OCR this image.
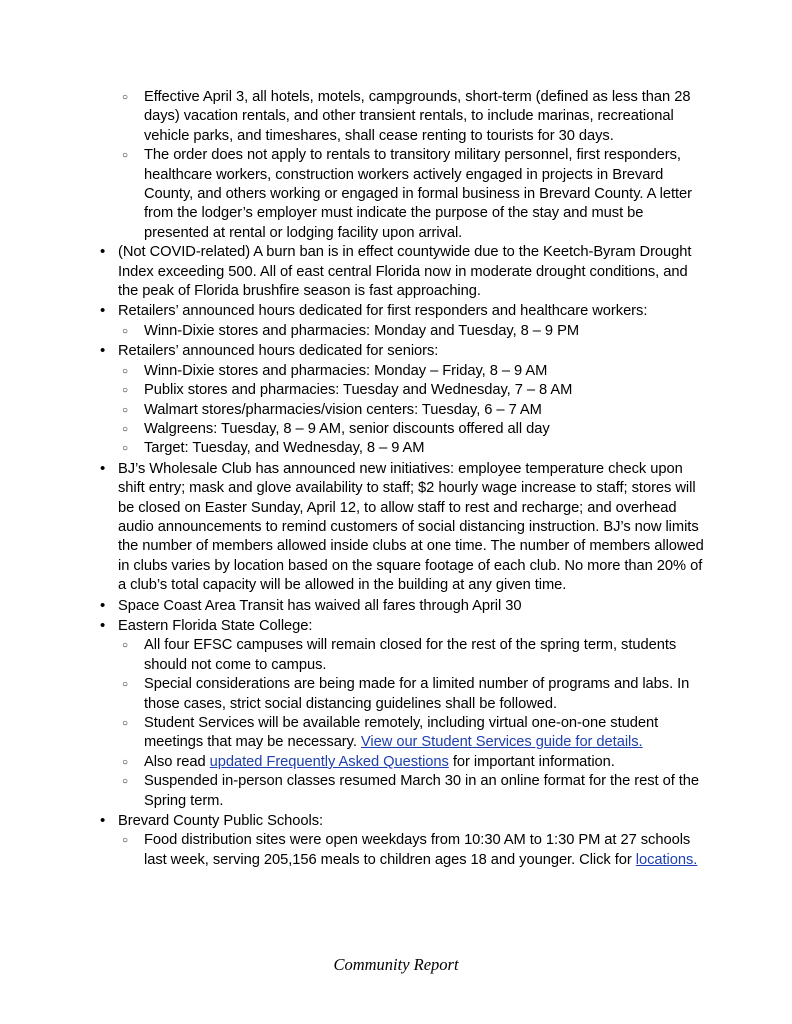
○ Effective April 3, all hotels, motels, campgrounds, short-term (defined as less than 28 days) vacation rentals, and other transient rentals, to include marinas, recreational vehicle parks, and timeshares, shall cease renting to tourists for 30 days.
○ The order does not apply to rentals to transitory military personnel, first responders, healthcare workers, construction workers actively engaged in projects in Brevard County, and others working or engaged in formal business in Brevard County. A letter from the lodger’s employer must indicate the purpose of the stay and must be presented at rental or lodging facility upon arrival.
• (Not COVID-related) A burn ban is in effect countywide due to the Keetch-Byram Drought Index exceeding 500. All of east central Florida now in moderate drought conditions, and the peak of Florida brushfire season is fast approaching.
• Retailers’ announced hours dedicated for first responders and healthcare workers:
○ Winn-Dixie stores and pharmacies: Monday and Tuesday, 8 – 9 PM
• Retailers’ announced hours dedicated for seniors:
○ Winn-Dixie stores and pharmacies: Monday – Friday, 8 – 9 AM
○ Publix stores and pharmacies: Tuesday and Wednesday, 7 – 8 AM
○ Walmart stores/pharmacies/vision centers: Tuesday, 6 – 7 AM
○ Walgreens: Tuesday, 8 – 9 AM, senior discounts offered all day
○ Target: Tuesday, and Wednesday, 8 – 9 AM
• BJ’s Wholesale Club has announced new initiatives: employee temperature check upon shift entry; mask and glove availability to staff; $2 hourly wage increase to staff; stores will be closed on Easter Sunday, April 12, to allow staff to rest and recharge; and overhead audio announcements to remind customers of social distancing instruction. BJ’s now limits the number of members allowed inside clubs at one time. The number of members allowed in clubs varies by location based on the square footage of each club. No more than 20% of a club’s total capacity will be allowed in the building at any given time.
• Space Coast Area Transit has waived all fares through April 30
• Eastern Florida State College:
○ All four EFSC campuses will remain closed for the rest of the spring term, students should not come to campus.
○ Special considerations are being made for a limited number of programs and labs. In those cases, strict social distancing guidelines shall be followed.
○ Student Services will be available remotely, including virtual one-on-one student meetings that may be necessary. View our Student Services guide for details.
○ Also read updated Frequently Asked Questions for important information.
○ Suspended in-person classes resumed March 30 in an online format for the rest of the Spring term.
• Brevard County Public Schools:
○ Food distribution sites were open weekdays from 10:30 AM to 1:30 PM at 27 schools last week, serving 205,156 meals to children ages 18 and younger. Click for locations.
Community Report
